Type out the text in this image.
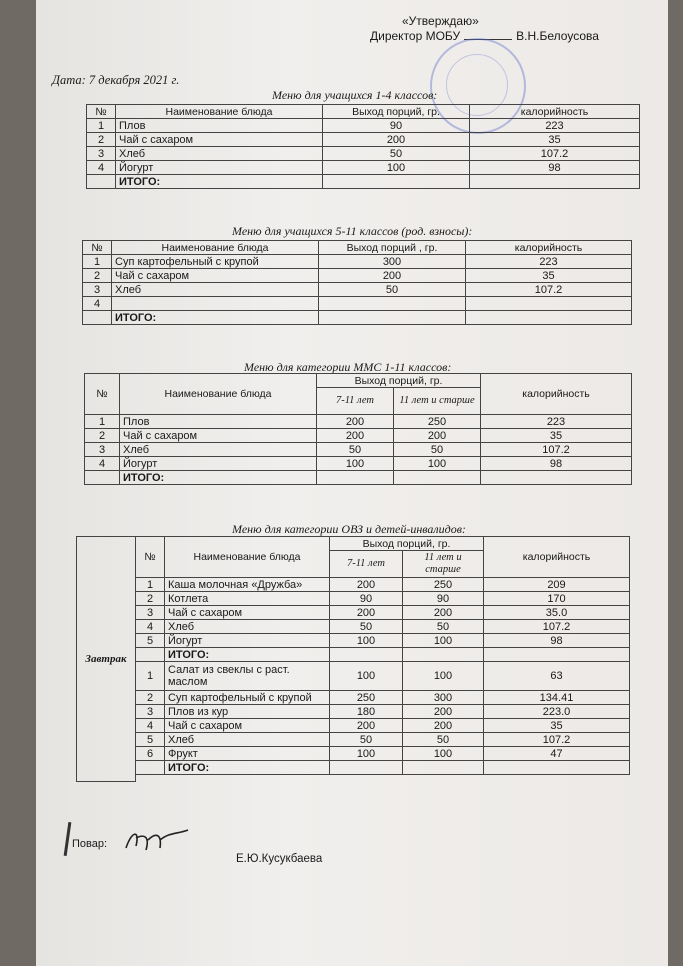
«Утверждаю»
Директор МОБУ	В.Н.Белоусова
Дата: 7 декабря 2021 г.
Меню для учащихся 1-4 классов:
№	Наименование блюда	Выход порций, гр.	калорийность
1	Плов	90	223
2	Чай с сахаром	200	35
3	Хлеб	50	107.2
4	Йогурт	100	98
	ИТОГО:		
Меню для учащихся 5-11 классов (род. взносы):
№	Наименование блюда	Выход порций , гр.	калорийность
1	Суп картофельный с крупой	300	223
2	Чай с сахаром	200	35
3	Хлеб	50	107.2
4			
	ИТОГО:		
Меню для категории ММС 1-11 классов:
№	Наименование блюда	Выход порций, гр.		калорийность
		7-11 лет	11 лет и старше	
1	Плов	200	250	223
2	Чай с сахаром	200	200	35
3	Хлеб	50	50	107.2
4	Йогурт	100	100	98
	ИТОГО:			
Меню для категории ОВЗ и детей-инвалидов:
Завтрак	№	Наименование блюда	Выход порций, гр.		калорийность
			7-11 лет	11 лет и старше	
	1	Каша молочная «Дружба»	200	250	209
	2	Котлета	90	90	170
	3	Чай с сахаром	200	200	35.0
	4	Хлеб	50	50	107.2
	5	Йогурт	100	100	98
		ИТОГО:			
	1	Салат из свеклы с раст. маслом	100	100	63
	2	Суп картофельный с крупой	250	300	134.41
	3	Плов из кур	180	200	223.0
	4	Чай с сахаром	200	200	35
	5	Хлеб	50	50	107.2
	6	Фрукт	100	100	47
		ИТОГО:			

Повар:
Е.Ю.Кусукбаева
